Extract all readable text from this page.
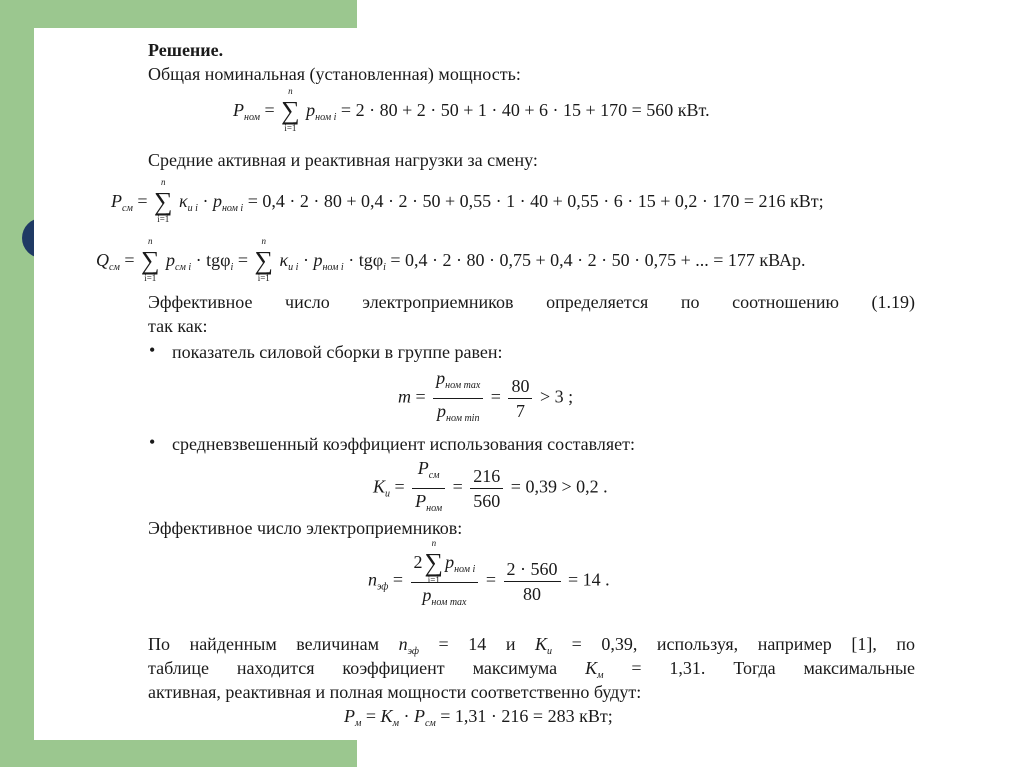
Решение.
Общая номинальная (установленная) мощность:
$P_{ном}$ = ∑
n
i=1
$p_{ном i} = 2 \cdot 80 + 2 \cdot 50 + 1 \cdot 40 + 6 \cdot 15 + 170 = 560$ кВт.
Средние активная и реактивная нагрузки за смену:
$P_{см}$ = ∑
n
i=1
$\kappa_{и i} \cdot p_{ном i} = 0,4 \cdot 2 \cdot 80 + 0,4 \cdot 2 \cdot 50 + 0,55 \cdot 1 \cdot 40 + 0,55 \cdot 6 \cdot 15 + 0,2 \cdot 170 = 216$ кВт;
$Q_{см}$ = ∑
n
i=1
$p_{см i} \cdot tg\varphi_i$ = ∑
n
i=1
$\kappa_{и i} \cdot p_{ном i} \cdot tg\varphi_i = 0,4 \cdot 2 \cdot 80 \cdot 0,75 + 0,4 \cdot 2 \cdot 50 \cdot 0,75$ + ... = 177 кВАр.
Эффективное число электроприемников определяется по соотношению (1.19)
так как:
• показатель силовой сборки в группе равен:
$m = \frac{p_{ном max}}{p_{ном min}} = \frac{80}{7} > 3$ ;
• средневзвешенный коэффициент использования составляет:
$K_и = \frac{P_{см}}{P_{ном}} = \frac{216}{560} = 0,39 > 0,2$ .
Эффективное число электроприемников:
$n_{эф} = 2\sum$
n
i=1
$p_{ном i}$
$p_{ном max} = \frac{2 \cdot 560}{80} = 14$ .
По найденным величинам $n_{эф} = 14$ и $K_и = 0,39$, используя, например [1], по
таблице находится коэффициент максимума $K_м = 1,31$. Тогда максимальные
активная, реактивная и полная мощности соответственно будут:
$P_м = K_м \cdot P_{см} = 1,31 \cdot 216 = 283$ кВт;
